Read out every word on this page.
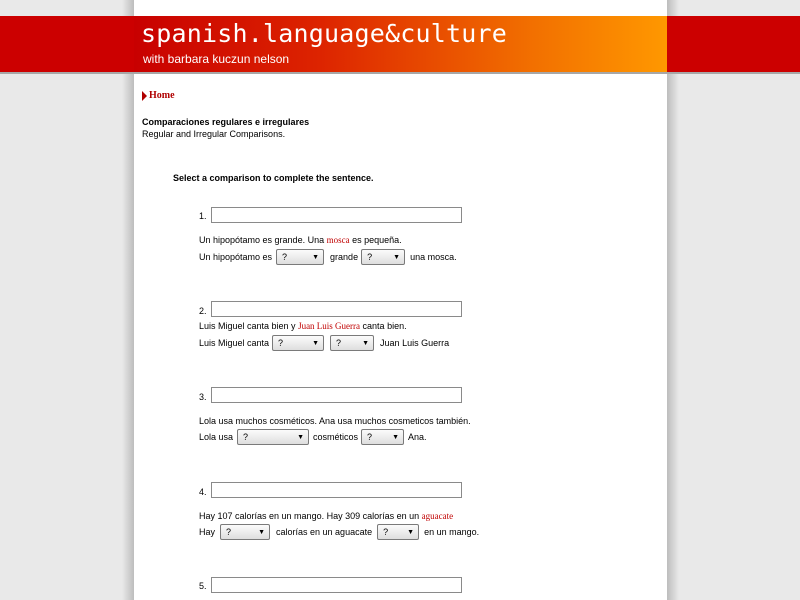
spanish.language&culture
with barbara kuczun nelson
Home
Comparaciones regulares e irregulares
Regular and Irregular Comparisons.
Select a comparison to complete the sentence.
1.
Un hipopótamo es grande. Una mosca es pequeña.
Un hipopótamo es ?	▼ grande ?	▼ una mosca.
2.
Luis Miguel canta bien y Juan Luis Guerra canta bien.
Luis Miguel canta ?	▼ ?	▼ Juan Luis Guerra
3.
Lola usa muchos cosméticos. Ana usa muchos cosmeticos también.
Lola usa ?	▼ cosméticos ?	▼ Ana.
4.
Hay 107 calorías en un mango. Hay 309 calorías en un aguacate
Hay ?	▼ calorías en un aguacate ?	▼ en un mango.
5.
